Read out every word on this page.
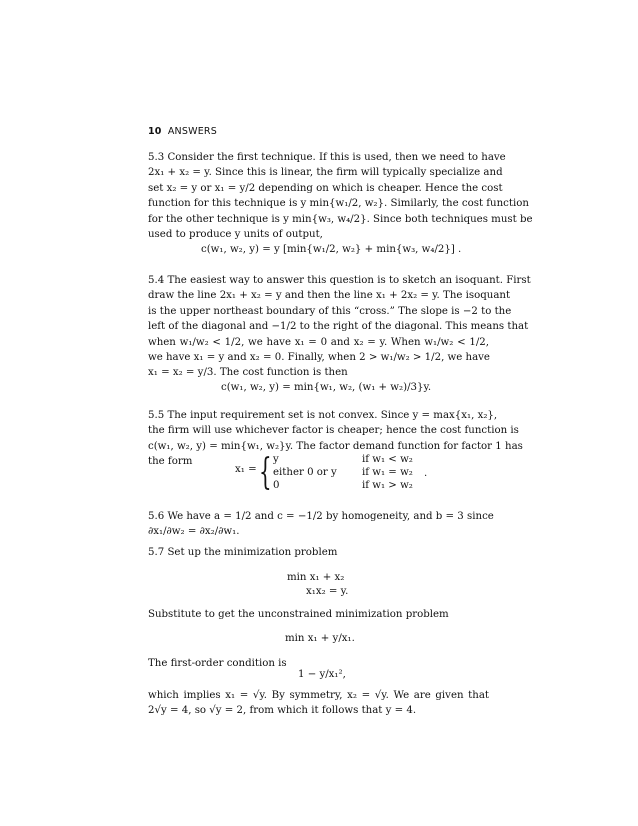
10 ANSWERS
5.3 Consider the first technique. If this is used, then we need to have
2x₁ + x₂ = y. Since this is linear, the firm will typically specialize and
set x₂ = y or x₁ = y/2 depending on which is cheaper. Hence the cost
function for this technique is y min{w₁/2, w₂}. Similarly, the cost function
for the other technique is y min{w₃, w₄/2}. Since both techniques must be
used to produce y units of output,
c(w₁, w₂, y) = y [min{w₁/2, w₂} + min{w₃, w₄/2}] .
5.4 The easiest way to answer this question is to sketch an isoquant. First
draw the line 2x₁ + x₂ = y and then the line x₁ + 2x₂ = y. The isoquant
is the upper northeast boundary of this “cross.” The slope is −2 to the
left of the diagonal and −1/2 to the right of the diagonal. This means that
when w₁/w₂ < 1/2, we have x₁ = 0 and x₂ = y. When w₁/w₂ < 1/2,
we have x₁ = y and x₂ = 0. Finally, when 2 > w₁/w₂ > 1/2, we have
x₁ = x₂ = y/3. The cost function is then
c(w₁, w₂, y) = min{w₁, w₂, (w₁ + w₂)/3}y.
5.5 The input requirement set is not convex. Since y = max{x₁, x₂},
the firm will use whichever factor is cheaper; hence the cost function is
c(w₁, w₂, y) = min{w₁, w₂}y. The factor demand function for factor 1 has
the form
x₁ = { y	if w₁ < w₂
either 0 or y	if w₁ = w₂
0	if w₁ > w₂
.
5.6 We have a = 1/2 and c = −1/2 by homogeneity, and b = 3 since
∂x₁/∂w₂ = ∂x₂/∂w₁.
5.7 Set up the minimization problem
min x₁ + x₂
x₁x₂ = y.
Substitute to get the unconstrained minimization problem
min x₁ + y/x₁.
The first-order condition is
1 − y/x₁²,
which implies x₁ = √y. By symmetry, x₂ = √y. We are given that
2√y = 4, so √y = 2, from which it follows that y = 4.
